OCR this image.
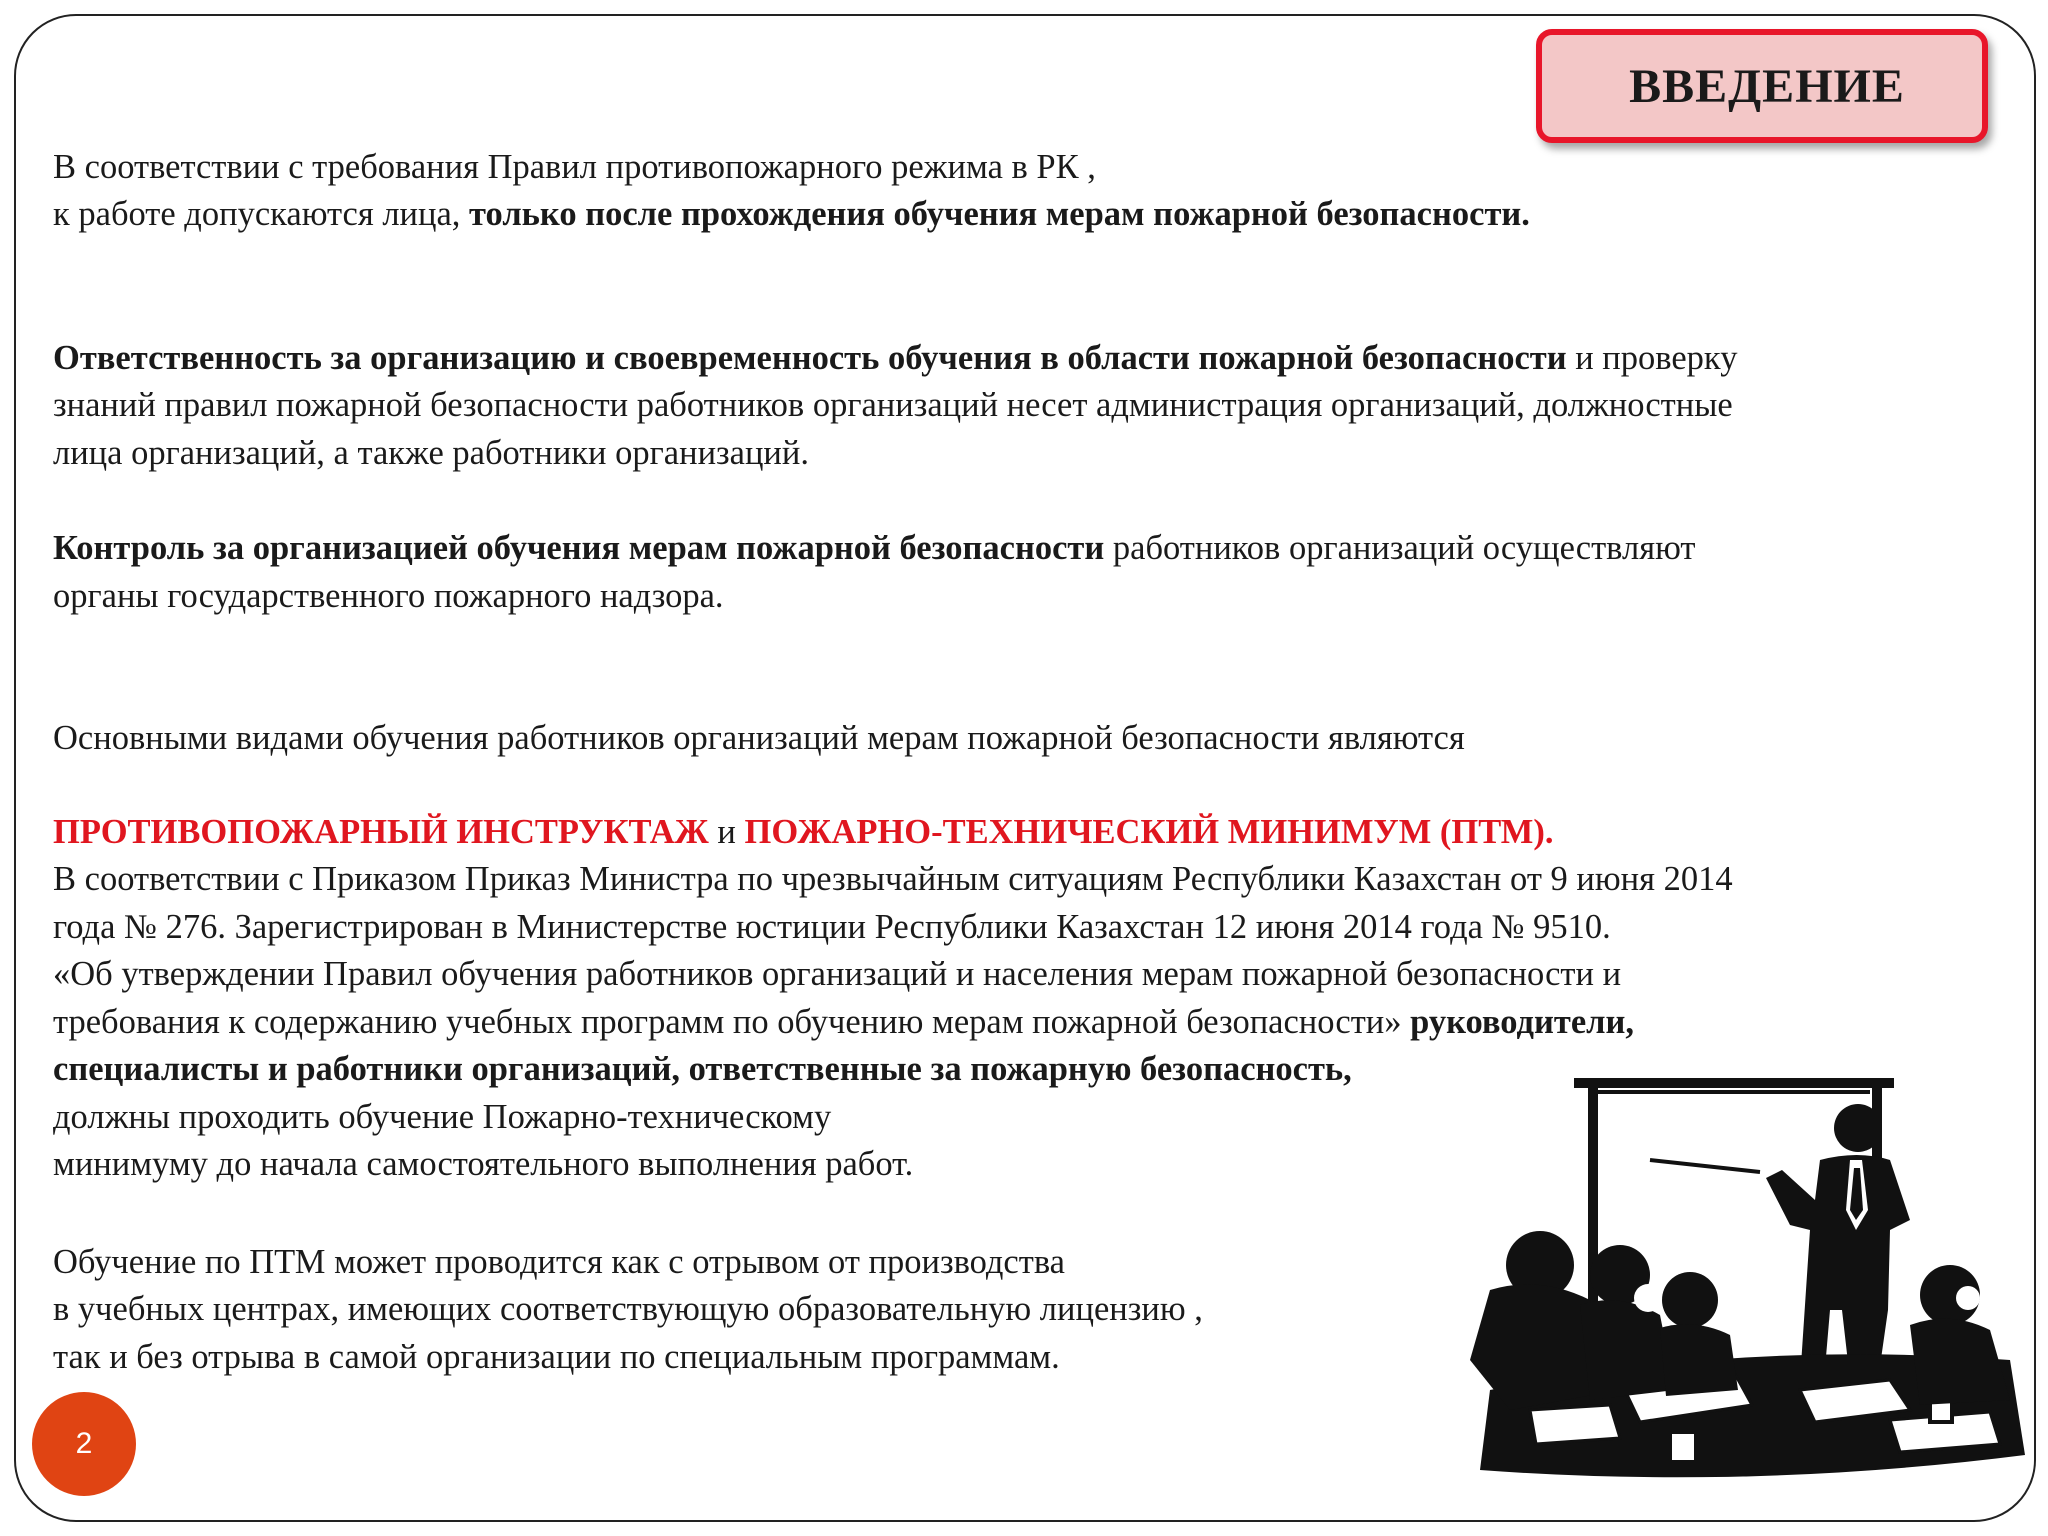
ВВЕДЕНИЕ
В соответствии с требования Правил противопожарного режима в РК ,
к работе допускаются лица, только после прохождения обучения мерам пожарной безопасности.
Ответственность за организацию и своевременность обучения в области пожарной безопасности и проверку
знаний правил пожарной безопасности работников организаций несет администрация организаций, должностные
лица организаций, а также работники организаций.
Контроль за организацией обучения мерам пожарной безопасности работников организаций осуществляют
органы государственного пожарного надзора.
Основными видами обучения работников организаций мерам пожарной безопасности являются
ПРОТИВОПОЖАРНЫЙ ИНСТРУКТАЖ и ПОЖАРНО-ТЕХНИЧЕСКИЙ МИНИМУМ (ПТМ).
В соответствии с Приказом Приказ Министра по чрезвычайным ситуациям Республики Казахстан от 9 июня 2014
года № 276. Зарегистрирован в Министерстве юстиции Республики Казахстан 12 июня 2014 года № 9510.
«Об утверждении Правил обучения работников организаций и населения мерам пожарной безопасности и
требования к содержанию учебных программ по обучению мерам пожарной безопасности» руководители,
специалисты и работники организаций, ответственные за пожарную безопасность,
должны проходить обучение Пожарно-техническому
минимуму до начала самостоятельного выполнения работ.
Обучение по ПТМ может проводится как с отрывом от производства
в учебных центрах, имеющих соответствующую образовательную лицензию ,
так и без отрыва в самой организации по специальным программам.
2
